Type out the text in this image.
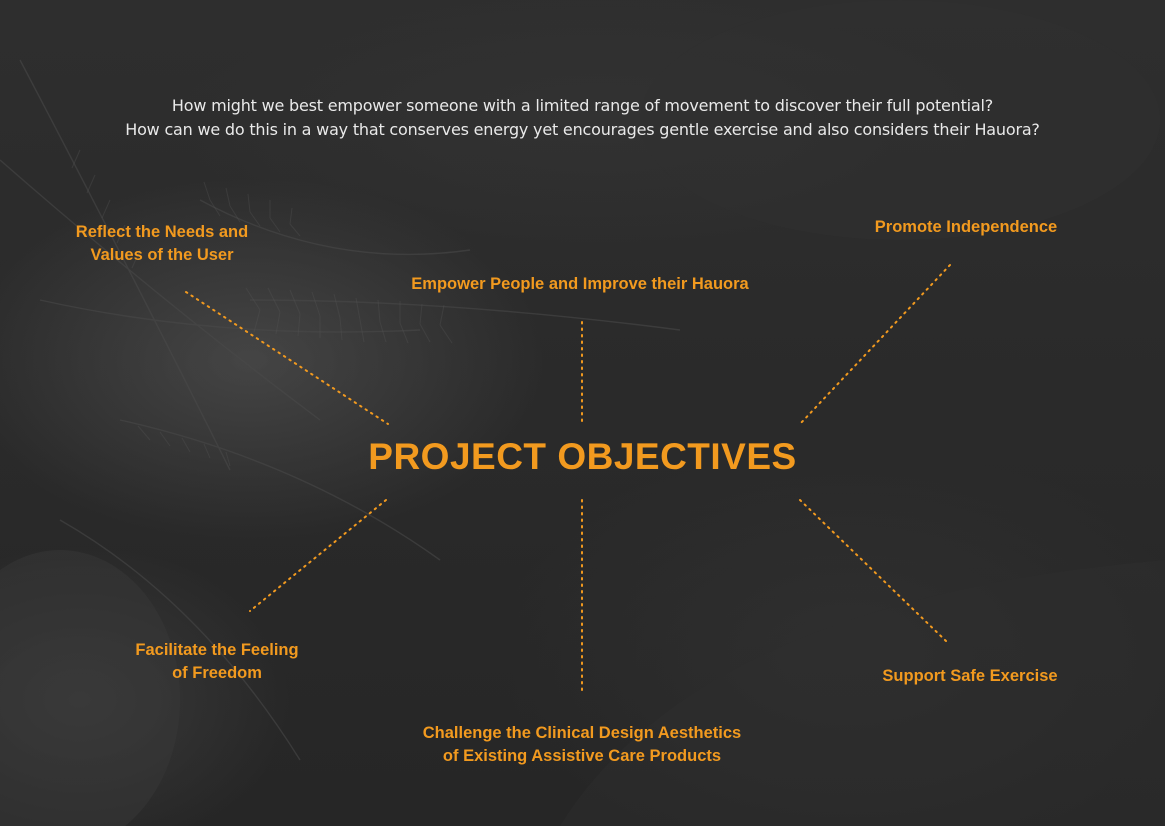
How might we best empower someone with a limited range of movement to discover their full potential?
How can we do this in a way that conserves energy yet encourages gentle exercise and also considers their Hauora?
PROJECT OBJECTIVES
Reflect the Needs and
Values of the User
Empower People and Improve their Hauora
Promote Independence
Facilitate the Feeling
of Freedom
Challenge the Clinical Design Aesthetics
of Existing Assistive Care Products
Support Safe Exercise
